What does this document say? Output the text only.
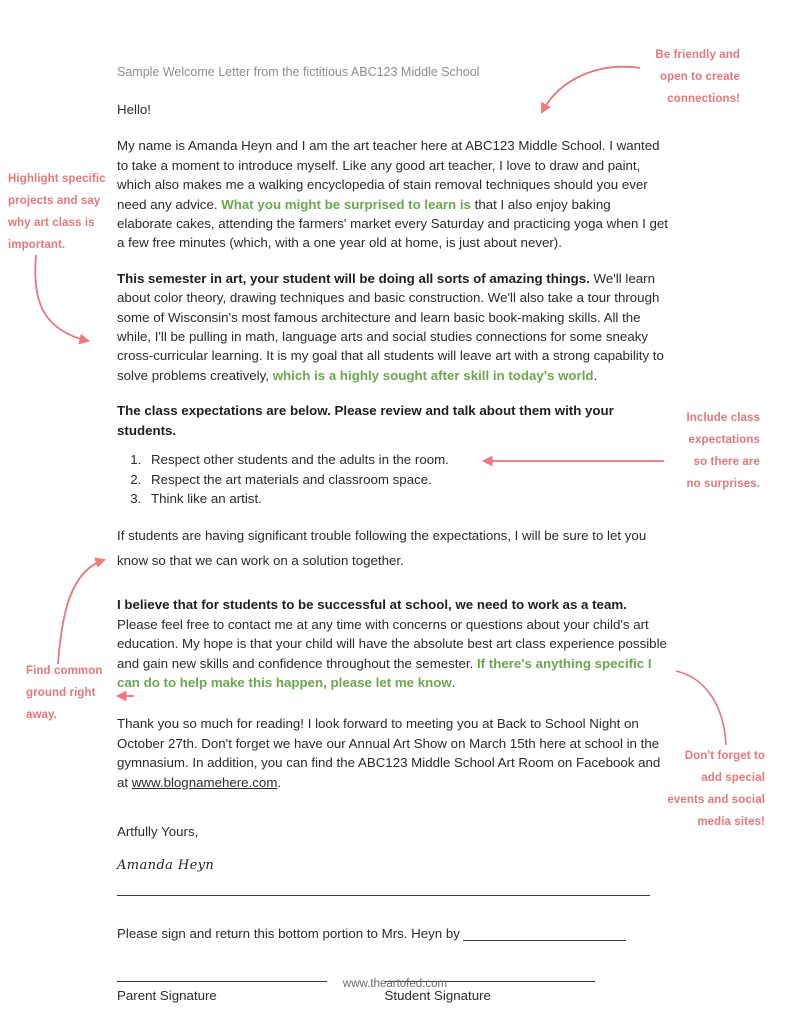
Be friendly and
open to create
connections!
Highlight specific
projects and say
why art class is
important.
Include class
expectations
so there are
no surprises.
Find common
ground right
away.
Don't forget to
add special
events and social
media sites!
Sample Welcome Letter from the fictitious ABC123 Middle School

Hello!

My name is Amanda Heyn and I am the art teacher here at ABC123 Middle School. I wanted to take a moment to introduce myself. Like any good art teacher, I love to draw and paint, which also makes me a walking encyclopedia of stain removal techniques should you ever need any advice. What you might be surprised to learn is that I also enjoy baking elaborate cakes, attending the farmers' market every Saturday and practicing yoga when I get a few free minutes (which, with a one year old at home, is just about never).

This semester in art, your student will be doing all sorts of amazing things. We'll learn about color theory, drawing techniques and basic construction. We'll also take a tour through some of Wisconsin's most famous architecture and learn basic book-making skills. All the while, I'll be pulling in math, language arts and social studies connections for some sneaky cross-curricular learning. It is my goal that all students will leave art with a strong capability to solve problems creatively, which is a highly sought after skill in today's world.

The class expectations are below. Please review and talk about them with your students.

1. Respect other students and the adults in the room.
2. Respect the art materials and classroom space.
3. Think like an artist.

If students are having significant trouble following the expectations, I will be sure to let you know so that we can work on a solution together.

I believe that for students to be successful at school, we need to work as a team. Please feel free to contact me at any time with concerns or questions about your child's art education. My hope is that your child will have the absolute best art class experience possible and gain new skills and confidence throughout the semester. If there's anything specific I can do to help make this happen, please let me know.

Thank you so much for reading! I look forward to meeting you at Back to School Night on October 27th. Don't forget we have our Annual Art Show on March 15th here at school in the gymnasium. In addition, you can find the ABC123 Middle School Art Room on Facebook and at www.blognamehere.com.

Artfully Yours,

Amanda Heyn
Please sign and return this bottom portion to Mrs. Heyn by
Parent Signature	Student Signature
www.theartofed.com
